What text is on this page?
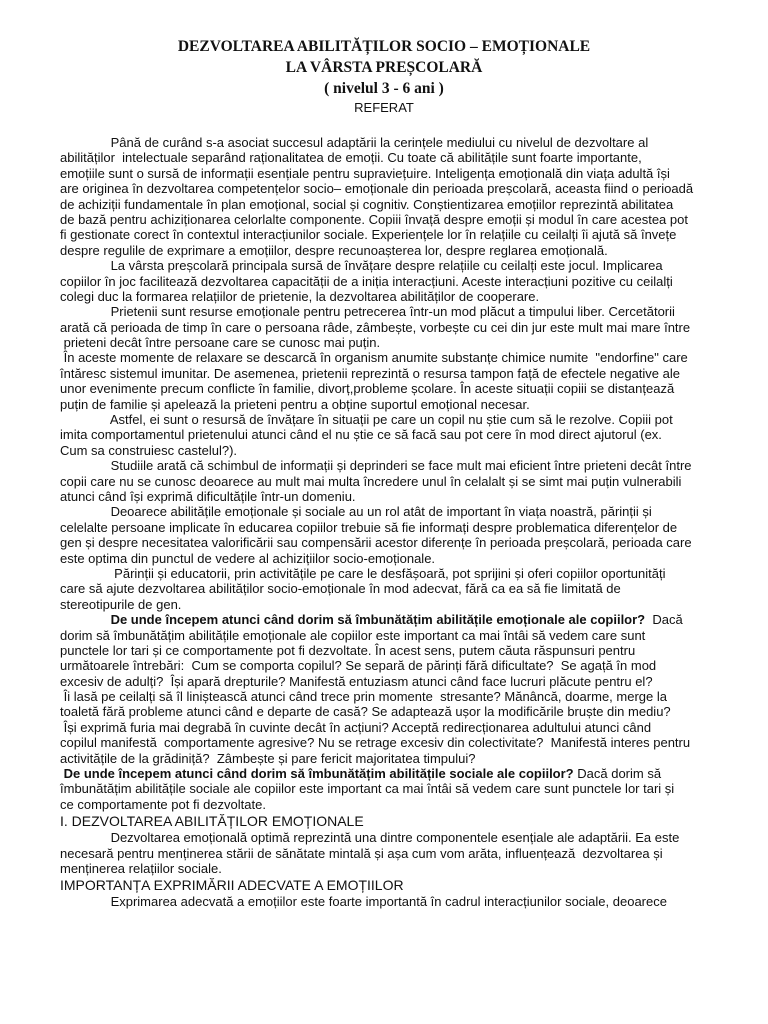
DEZVOLTAREA ABILITĂȚILOR SOCIO – EMOȚIONALE
LA VÂRSTA PREȘCOLARĂ
( nivelul 3 - 6 ani )
REFERAT
Până de curând s-a asociat succesul adaptării la cerințele mediului cu nivelul de dezvoltare al
abilităților  intelectuale separând raționalitatea de emoții. Cu toate că abilitățile sunt foarte importante,
emoțiile sunt o sursă de informații esențiale pentru supraviețuire. Inteligența emoțională din viața adultă își
are originea în dezvoltarea competențelor socio– emoționale din perioada preșcolară, aceasta fiind o perioadă
de achiziții fundamentale în plan emoțional, social și cognitiv. Conștientizarea emoțiilor reprezintă abilitatea
de bază pentru achiziționarea celorlalte componente. Copiii învață despre emoții și modul în care acestea pot
fi gestionate corect în contextul interacțiunilor sociale. Experiențele lor în relațiile cu ceilalți îi ajută să învețe
despre regulile de exprimare a emoțiilor, despre recunoașterea lor, despre reglarea emoțională.
La vârsta preșcolară principala sursă de învățare despre relațiile cu ceilalți este jocul. Implicarea
copiilor în joc facilitează dezvoltarea capacității de a iniția interacțiuni. Aceste interacțiuni pozitive cu ceilalți
colegi duc la formarea relațiilor de prietenie, la dezvoltarea abilităților de cooperare.
Prietenii sunt resurse emoționale pentru petrecerea într-un mod plăcut a timpului liber. Cercetătorii
arată că perioada de timp în care o persoana râde, zâmbește, vorbește cu cei din jur este mult mai mare între
prieteni decât între persoane care se cunosc mai puțin.
În aceste momente de relaxare se descarcă în organism anumite substanțe chimice numite  "endorfine" care
întăresc sistemul imunitar. De asemenea, prietenii reprezintă o resursa tampon față de efectele negative ale
unor evenimente precum conflicte în familie, divorț,probleme școlare. În aceste situații copiii se distanțează
puțin de familie și apelează la prieteni pentru a obține suportul emoțional necesar.
Astfel, ei sunt o resursă de învățare în situații pe care un copil nu știe cum să le rezolve. Copiii pot
imita comportamentul prietenului atunci când el nu știe ce să facă sau pot cere în mod direct ajutorul (ex.
Cum sa construiesc castelul?).
Studiile arată că schimbul de informații și deprinderi se face mult mai eficient între prieteni decât între
copii care nu se cunosc deoarece au mult mai multa încredere unul în celalalt și se simt mai puțin vulnerabili
atunci când își exprimă dificultățile într-un domeniu.
Deoarece abilitățile emoționale și sociale au un rol atât de important în viața noastră, părinții și
celelalte persoane implicate în educarea copiilor trebuie să fie informați despre problematica diferențelor de
gen și despre necesitatea valorificării sau compensării acestor diferențe în perioada preșcolară, perioada care
este optima din punctul de vedere al achizițiilor socio-emoționale.
Părinții și educatorii, prin activitățile pe care le desfășoară, pot sprijini și oferi copiilor oportunități
care să ajute dezvoltarea abilităților socio-emoționale în mod adecvat, fără ca ea să fie limitată de
stereotipurile de gen.
De unde începem atunci când dorim să îmbunătățim abilitățile emoționale ale copiilor?  Dacă
dorim să îmbunătățim abilitățile emoționale ale copiilor este important ca mai întâi să vedem care sunt
punctele lor tari și ce comportamente pot fi dezvoltate. În acest sens, putem căuta răspunsuri pentru
următoarele întrebări:  Cum se comporta copilul? Se separă de părinți fără dificultate?  Se agață în mod
excesiv de adulți?  Își apară drepturile? Manifestă entuziasm atunci când face lucruri plăcute pentru el?
Îi lasă pe ceilalți să îl liniștească atunci când trece prin momente  stresante? Mănâncă, doarme, merge la
toaletă fără probleme atunci când e departe de casă? Se adaptează ușor la modificările bruște din mediu?
Își exprimă furia mai degrabă în cuvinte decât în acțiuni? Acceptă redirecționarea adultului atunci când
copilul manifestă  comportamente agresive? Nu se retrage excesiv din colectivitate?  Manifestă interes pentru
activitățile de la grădiniță?  Zâmbește și pare fericit majoritatea timpului?
De unde începem atunci când dorim să îmbunătățim abilitățile sociale ale copiilor? Dacă dorim să
îmbunătățim abilitățile sociale ale copiilor este important ca mai întâi să vedem care sunt punctele lor tari și
ce comportamente pot fi dezvoltate.
I. DEZVOLTAREA ABILITĂȚILOR EMOȚIONALE
Dezvoltarea emoțională optimă reprezintă una dintre componentele esențiale ale adaptării. Ea este
necesară pentru menținerea stării de sănătate mintală și așa cum vom arăta, influențează  dezvoltarea și
menținerea relațiilor sociale.
IMPORTANȚA EXPRIMĂRII ADECVATE A EMOȚIILOR
Exprimarea adecvată a emoțiilor este foarte importantă în cadrul interacțiunilor sociale, deoarece
